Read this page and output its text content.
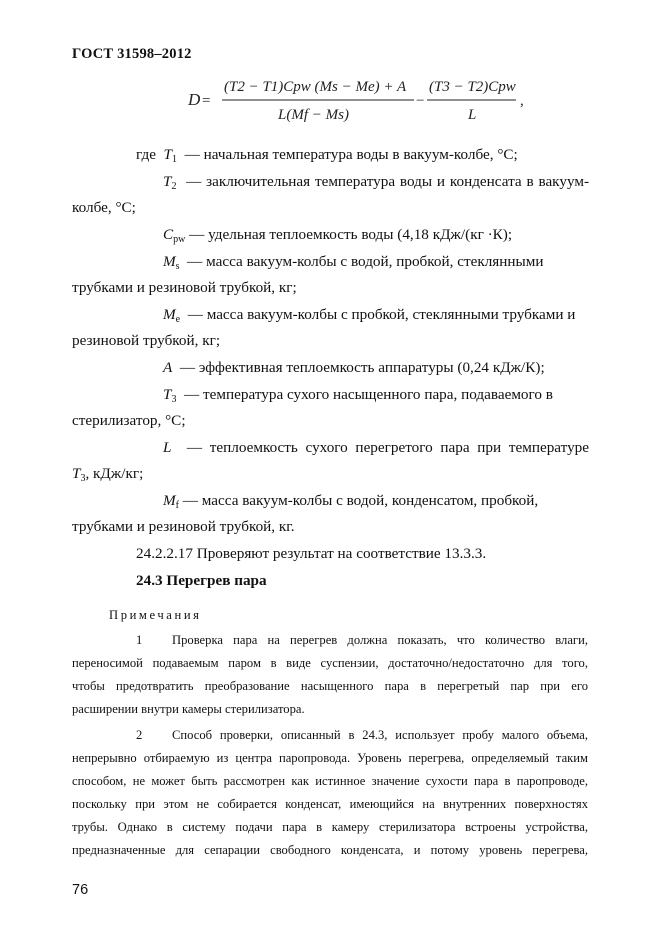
ГОСТ 31598–2012
D =
(T2 − T1)Cpw (Ms − Me) + A
L(Mf − Ms)
−
(T3 − T2)Cpw
L
,
где $T_1$ — начальная температура воды в вакуум-колбе, °С;
$T_2$ — заключительная температура воды и конденсата в вакуум-
колбе, °С;
$C_{pw}$ — удельная теплоемкость воды (4,18 кДж/(кг ·К);
$M_s$ — масса вакуум-колбы с водой, пробкой, стеклянными
трубками и резиновой трубкой, кг;
$M_e$ — масса вакуум-колбы с пробкой, стеклянными трубками и
резиновой трубкой, кг;
A — эффективная теплоемкость аппаратуры (0,24 кДж/К);
$T_3$ — температура сухого насыщенного пара, подаваемого в
стерилизатор, °С;
L — теплоемкость сухого перегретого пара при температуре
$T_3$, кДж/кг;
$M_f$ — масса вакуум-колбы с водой, конденсатом, пробкой,
трубками и резиновой трубкой, кг.
24.2.2.17 Проверяют результат на соответствие 13.3.3.
24.3 Перегрев пара
Примечания
1 Проверка пара на перегрев должна показать, что количество влаги,
переносимой подаваемым паром в виде суспензии, достаточно/недостаточно для того,
чтобы предотвратить преобразование насыщенного пара в перегретый пар при его
расширении внутри камеры стерилизатора.
2 Способ проверки, описанный в 24.3, использует пробу малого объема,
непрерывно отбираемую из центра паропровода. Уровень перегрева, определяемый таким
способом, не может быть рассмотрен как истинное значение сухости пара в паропроводе,
поскольку при этом не собирается конденсат, имеющийся на внутренних поверхностях
трубы. Однако в систему подачи пара в камеру стерилизатора встроены устройства,
предназначенные для сепарации свободного конденсата, и потому уровень перегрева,
76
